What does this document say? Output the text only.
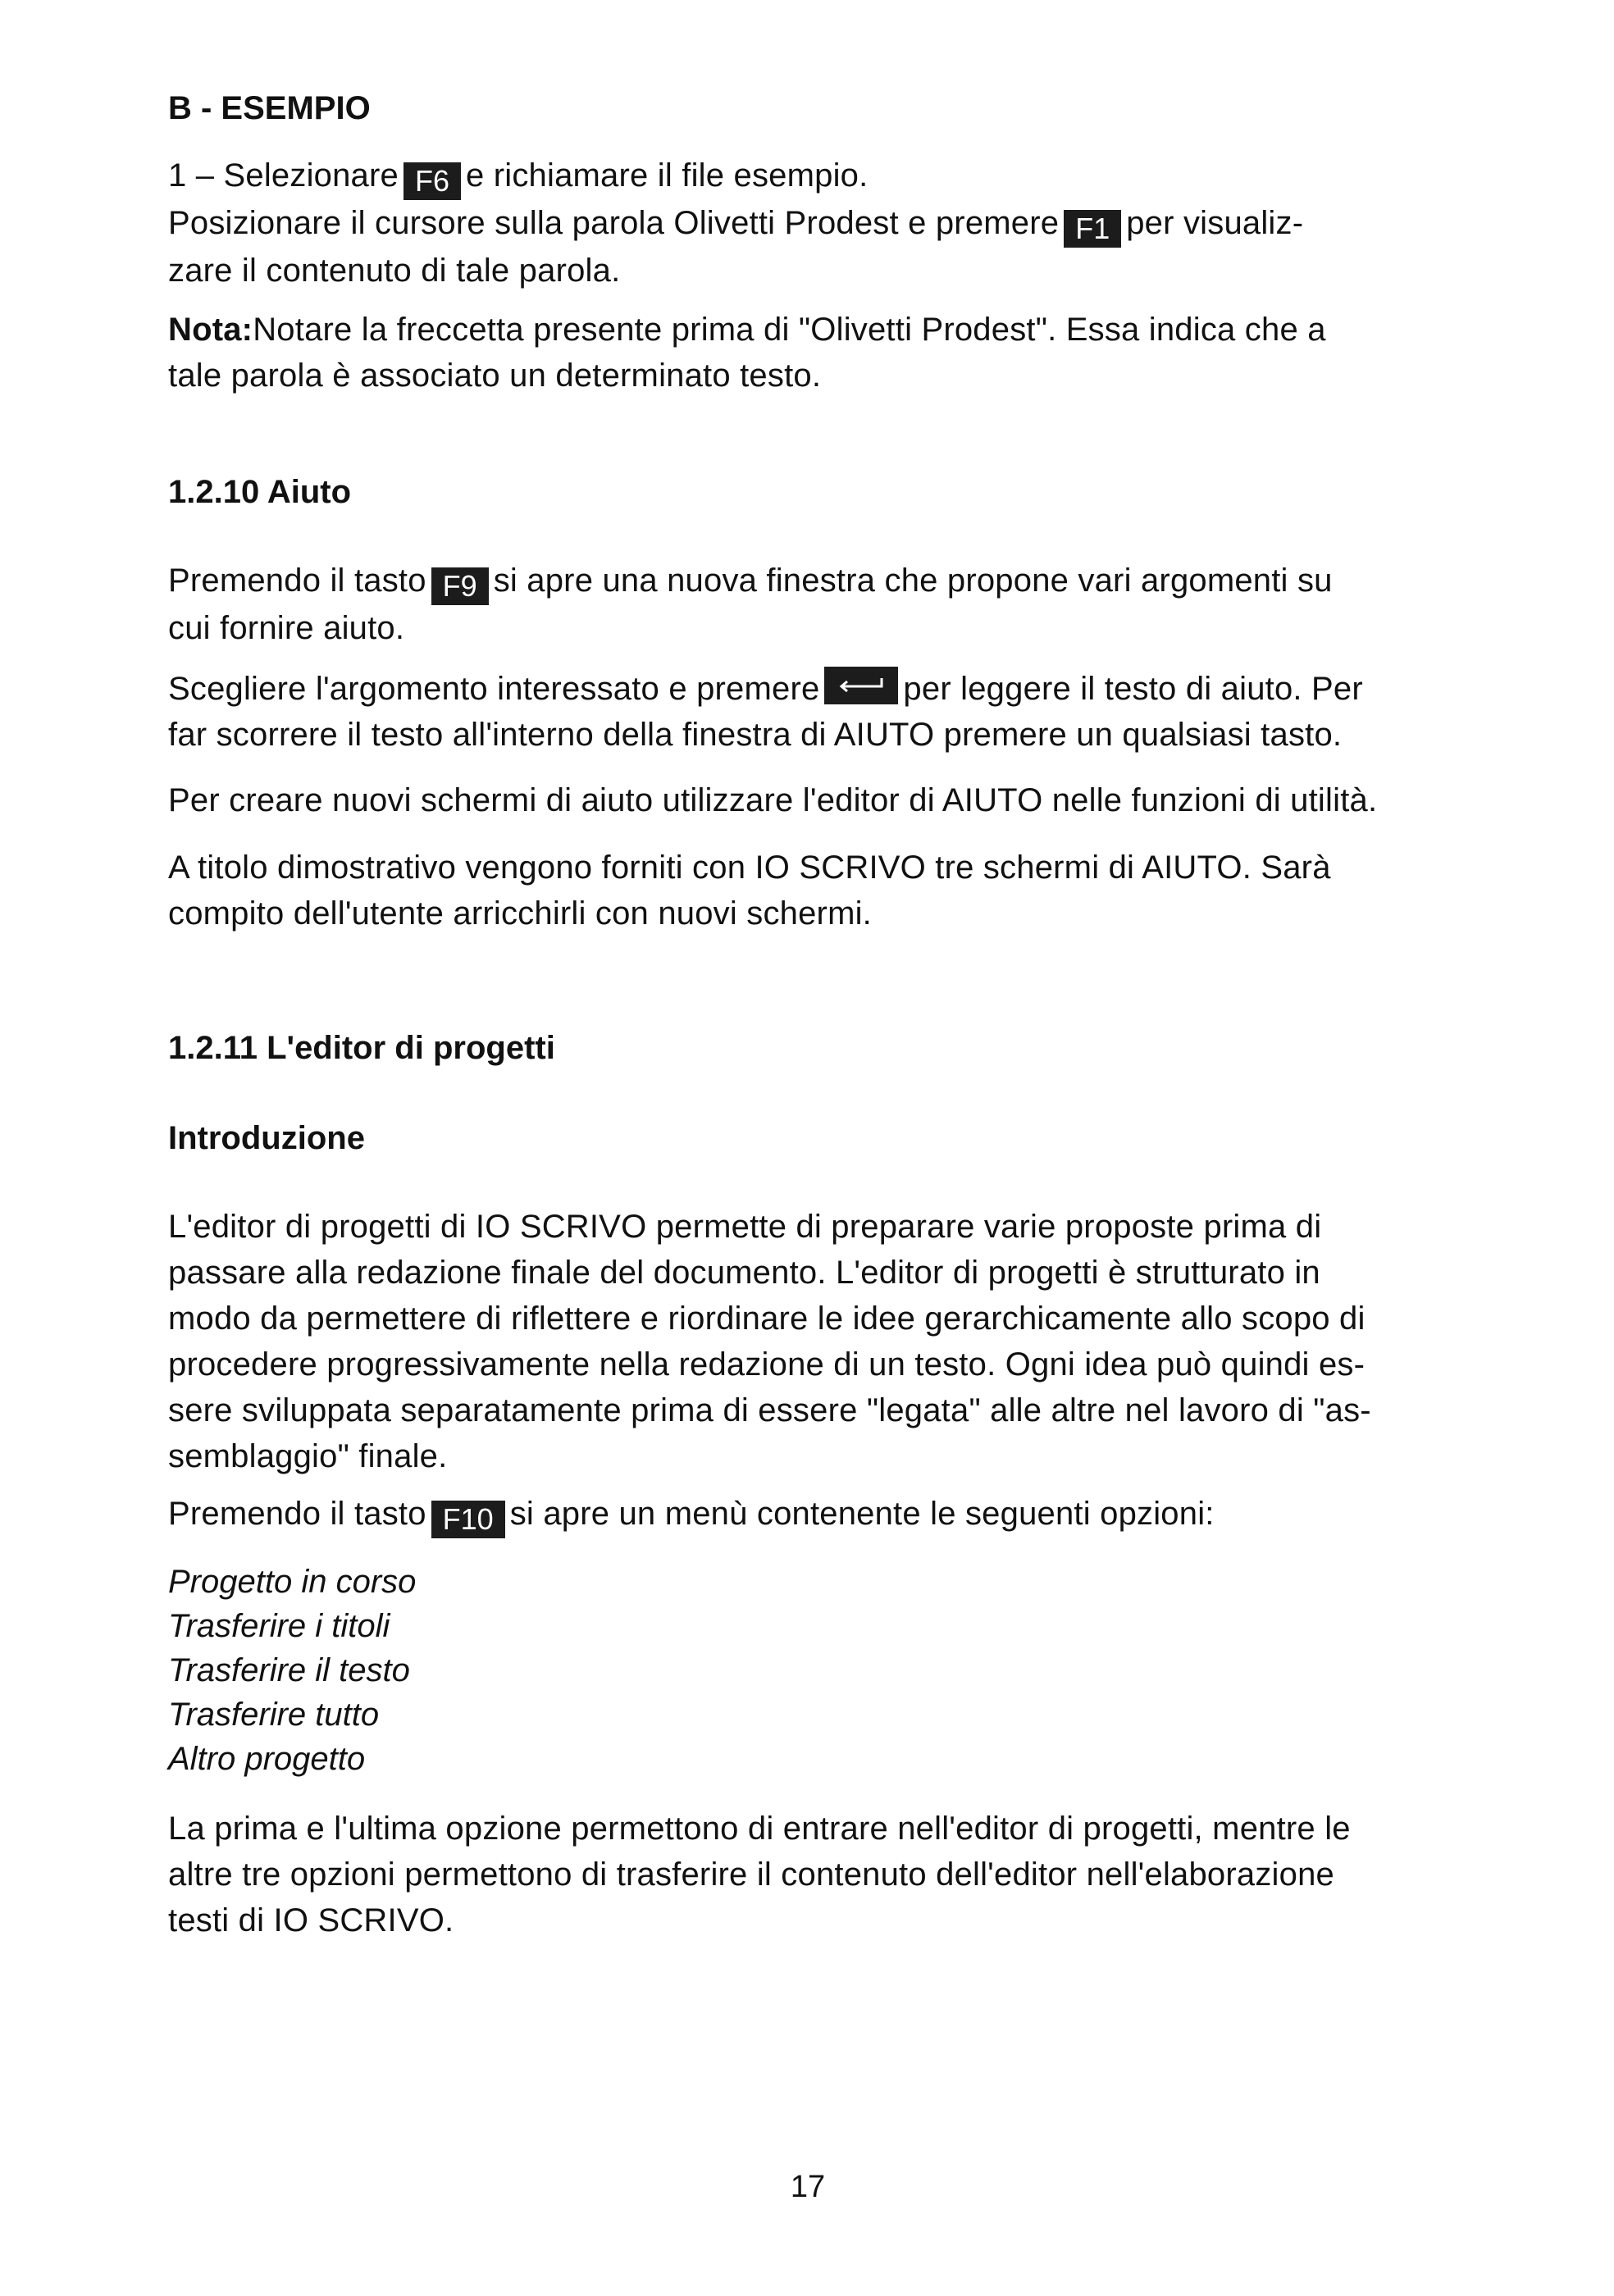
B - ESEMPIO
1 – Selezionare F6 e richiamare il file esempio.
Posizionare il cursore sulla parola Olivetti Prodest e premere F1 per visualiz-
zare il contenuto di tale parola.
Nota:Notare la freccetta presente prima di "Olivetti Prodest". Essa indica che a
tale parola è associato un determinato testo.
1.2.10 Aiuto
Premendo il tasto F9 si apre una nuova finestra che propone vari argomenti su
cui fornire aiuto.
Scegliere l'argomento interessato e premere	per leggere il testo di aiuto. Per
far scorrere il testo all'interno della finestra di AIUTO premere un qualsiasi tasto.
Per creare nuovi schermi di aiuto utilizzare l'editor di AIUTO nelle funzioni di utilità.
A titolo dimostrativo vengono forniti con IO SCRIVO tre schermi di AIUTO. Sarà
compito dell'utente arricchirli con nuovi schermi.
1.2.11 L'editor di progetti
Introduzione
L'editor di progetti di IO SCRIVO permette di preparare varie proposte prima di
passare alla redazione finale del documento. L'editor di progetti è strutturato in
modo da permettere di riflettere e riordinare le idee gerarchicamente allo scopo di
procedere progressivamente nella redazione di un testo. Ogni idea può quindi es-
sere sviluppata separatamente prima di essere "legata" alle altre nel lavoro di "as-
semblaggio" finale.
Premendo il tasto F10 si apre un menù contenente le seguenti opzioni:
Progetto in corso
Trasferire i titoli
Trasferire il testo
Trasferire tutto
Altro progetto
La prima e l'ultima opzione permettono di entrare nell'editor di progetti, mentre le
altre tre opzioni permettono di trasferire il contenuto dell'editor nell'elaborazione
testi di IO SCRIVO.
17
